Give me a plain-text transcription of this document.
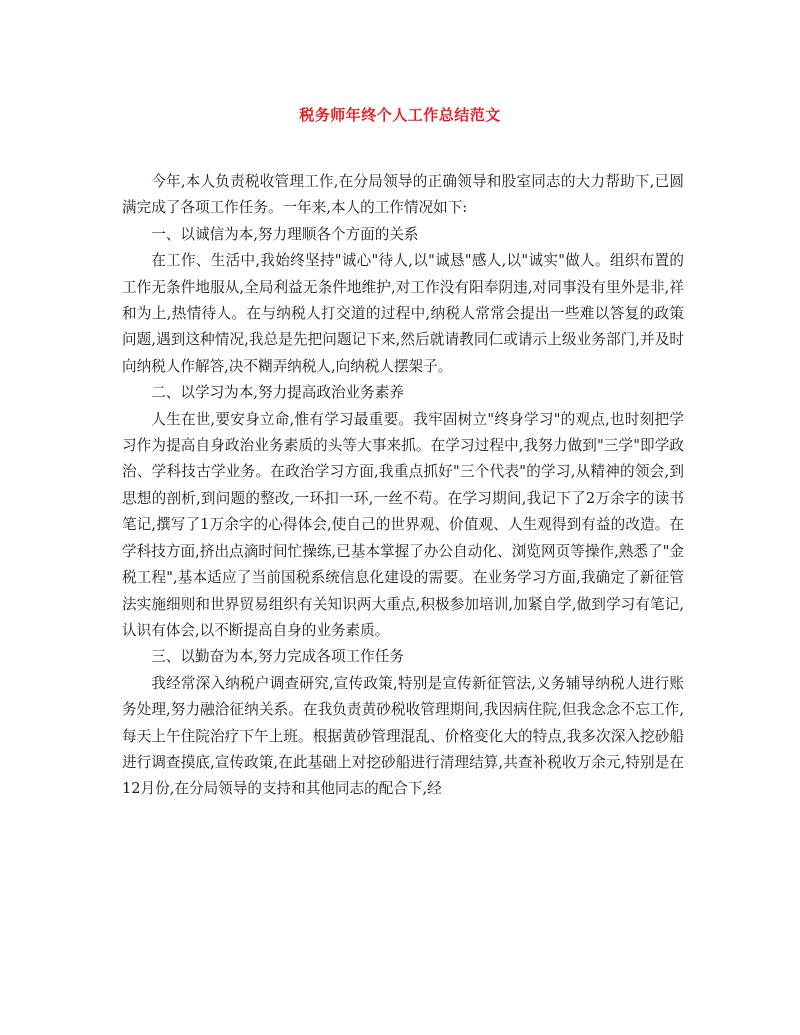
税务师年终个人工作总结范文

今年,本人负责税收管理工作,在分局领导的正确领导和股室同志的大力帮助下,已圆满完成了各项工作任务。一年来,本人的工作情况如下:

一、以诚信为本,努力理顺各个方面的关系

在工作、生活中,我始终坚持"诚心"待人,以"诚恳"感人,以"诚实"做人。组织布置的工作无条件地服从,全局利益无条件地维护,对工作没有阳奉阴违,对同事没有里外是非,祥和为上,热情待人。在与纳税人打交道的过程中,纳税人常常会提出一些难以答复的政策问题,遇到这种情况,我总是先把问题记下来,然后就请教同仁或请示上级业务部门,并及时向纳税人作解答,决不糊弄纳税人,向纳税人摆架子。

二、以学习为本,努力提高政治业务素养

人生在世,要安身立命,惟有学习最重要。我牢固树立"终身学习"的观点,也时刻把学习作为提高自身政治业务素质的头等大事来抓。在学习过程中,我努力做到"三学"即学政治、学科技古学业务。在政治学习方面,我重点抓好"三个代表"的学习,从精神的领会,到思想的剖析,到问题的整改,一环扣一环,一丝不苟。在学习期间,我记下了2万余字的读书笔记,撰写了1万余字的心得体会,使自己的世界观、价值观、人生观得到有益的改造。在学科技方面,挤出点滴时间忙操练,已基本掌握了办公自动化、浏览网页等操作,熟悉了"金税工程",基本适应了当前国税系统信息化建设的需要。在业务学习方面,我确定了新征管法实施细则和世界贸易组织有关知识两大重点,积极参加培训,加紧自学,做到学习有笔记,认识有体会,以不断提高自身的业务素质。

三、以勤奋为本,努力完成各项工作任务

我经常深入纳税户调查研究,宣传政策,特别是宣传新征管法,义务辅导纳税人进行账务处理,努力融洽征纳关系。在我负责黄砂税收管理期间,我因病住院,但我念念不忘工作,每天上午住院治疗下午上班。根据黄砂管理混乱、价格变化大的特点,我多次深入挖砂船进行调查摸底,宣传政策,在此基础上对挖砂船进行清理结算,共查补税收万余元,特别是在12月份,在分局领导的支持和其他同志的配合下,经
